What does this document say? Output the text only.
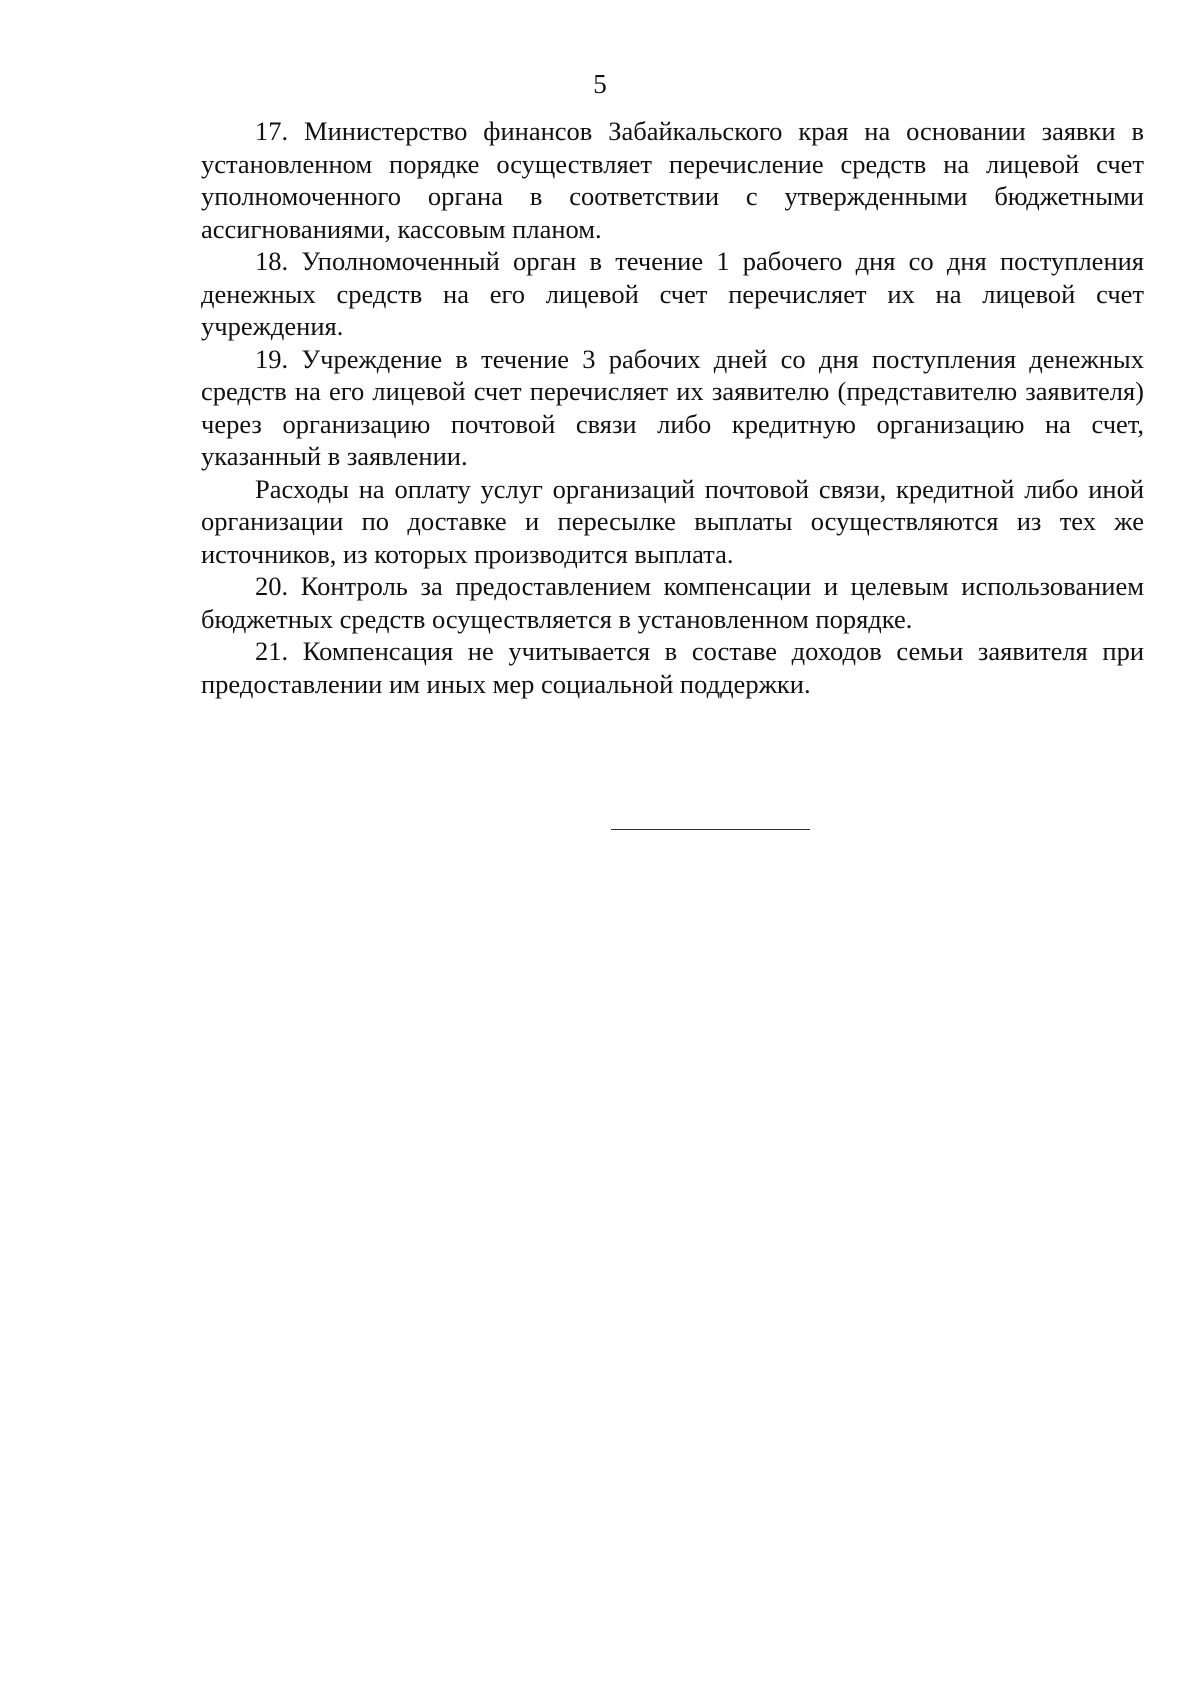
5

17. Министерство финансов Забайкальского края на основании заявки в установленном порядке осуществляет перечисление средств на лицевой счет уполномоченного органа в соответствии с утвержденными бюджетными ассигнованиями, кассовым планом.

18. Уполномоченный орган в течение 1 рабочего дня со дня поступления денежных средств на его лицевой счет перечисляет их на лицевой счет учреждения.

19. Учреждение в течение 3 рабочих дней со дня поступления денежных средств на его лицевой счет перечисляет их заявителю (представителю заявителя) через организацию почтовой связи либо кредитную организацию на счет, указанный в заявлении.

Расходы на оплату услуг организаций почтовой связи, кредитной либо иной организации по доставке и пересылке выплаты осуществляются из тех же источников, из которых производится выплата.

20. Контроль за предоставлением компенсации и целевым использованием бюджетных средств осуществляется в установленном порядке.

21. Компенсация не учитывается в составе доходов семьи заявителя при предоставлении им иных мер социальной поддержки.
